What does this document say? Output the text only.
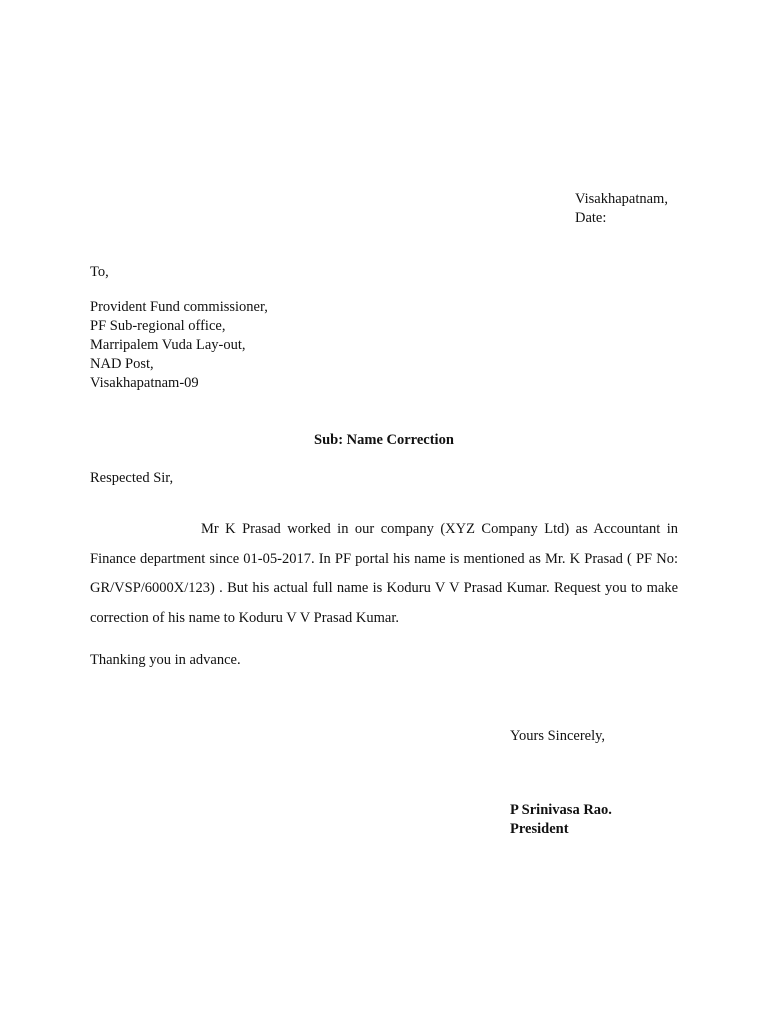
Visakhapatnam,
Date:
To,
Provident Fund commissioner,
PF Sub-regional office,
Marripalem Vuda Lay-out,
NAD Post,
Visakhapatnam-09
Sub: Name Correction
Respected Sir,
Mr K Prasad worked in our company (XYZ Company Ltd) as Accountant in Finance department since 01-05-2017. In PF portal his name is mentioned as Mr. K Prasad ( PF No: GR/VSP/6000X/123) . But his actual full name is Koduru V V Prasad Kumar. Request you to make correction of his name to Koduru V V Prasad Kumar.
Thanking you in advance.
Yours Sincerely,
P Srinivasa Rao.
President
